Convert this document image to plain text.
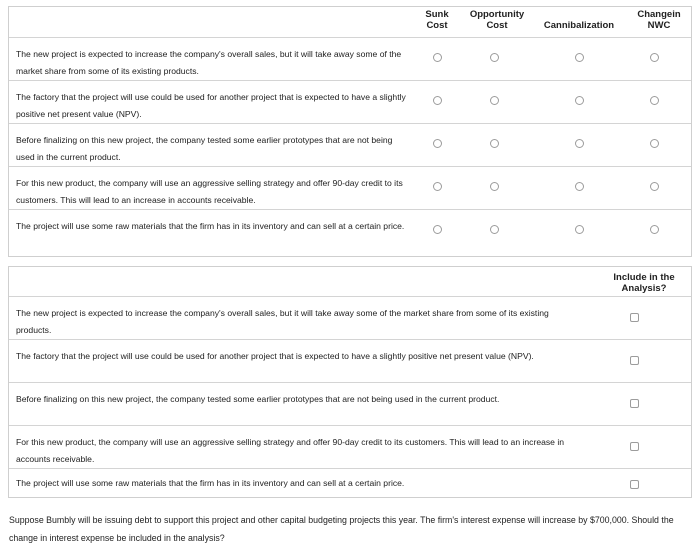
Sunk
Cost
Opportunity
Cost	Cannibalization
Changein
NWC
The new project is expected to increase the company's overall sales, but it will take away some of the market share from some of its existing products.
The factory that the project will use could be used for another project that is expected to have a slightly positive net present value (NPV).
Before finalizing on this new project, the company tested some earlier prototypes that are not being used in the current product.
For this new product, the company will use an aggressive selling strategy and offer 90-day credit to its customers. This will lead to an increase in accounts receivable.
The project will use some raw materials that the firm has in its inventory and can sell at a certain price.
Include in the
Analysis?
The new project is expected to increase the company's overall sales, but it will take away some of the market share from some of its existing products.
The factory that the project will use could be used for another project that is expected to have a slightly positive net present value (NPV).
Before finalizing on this new project, the company tested some earlier prototypes that are not being used in the current product.
For this new product, the company will use an aggressive selling strategy and offer 90-day credit to its customers. This will lead to an increase in accounts receivable.
The project will use some raw materials that the firm has in its inventory and can sell at a certain price.
Suppose Bumbly will be issuing debt to support this project and other capital budgeting projects this year. The firm's interest expense will increase by $700,000. Should the change in interest expense be included in the analysis?
